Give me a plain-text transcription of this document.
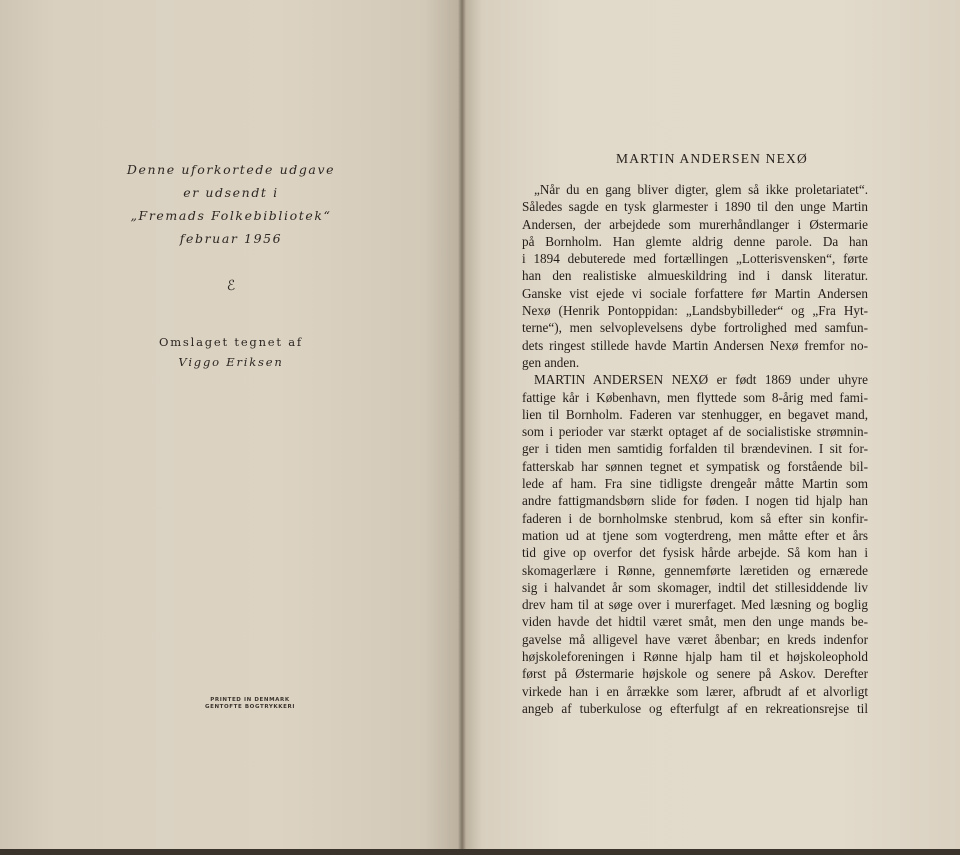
Denne uforkortede udgave
er udsendt i
„Fremads Folkebibliotek“
februar 1956
ℰ
Omslaget tegnet af
Viggo Eriksen
PRINTED IN DENMARK
GENTOFTE BOGTRYKKERI
MARTIN ANDERSEN NEXØ
„Når du en gang bliver digter, glem så ikke proletariatet“.
Således sagde en tysk glarmester i 1890 til den unge Martin
Andersen, der arbejdede som murerhåndlanger i Østermarie
på Bornholm. Han glemte aldrig denne parole. Da han
i 1894 debuterede med fortællingen „Lotterisvensken“, førte
han den realistiske almueskildring ind i dansk literatur.
Ganske vist ejede vi sociale forfattere før Martin Andersen
Nexø (Henrik Pontoppidan: „Landsbybilleder“ og „Fra Hyt-
terne“), men selvoplevelsens dybe fortrolighed med samfun-
dets ringest stillede havde Martin Andersen Nexø fremfor no-
gen anden.
MARTIN ANDERSEN NEXØ er født 1869 under uhyre
fattige kår i København, men flyttede som 8-årig med fami-
lien til Bornholm. Faderen var stenhugger, en begavet mand,
som i perioder var stærkt optaget af de socialistiske strømnin-
ger i tiden men samtidig forfalden til brændevinen. I sit for-
fatterskab har sønnen tegnet et sympatisk og forstående bil-
lede af ham. Fra sine tidligste drengeår måtte Martin som
andre fattigmandsbørn slide for føden. I nogen tid hjalp han
faderen i de bornholmske stenbrud, kom så efter sin konfir-
mation ud at tjene som vogterdreng, men måtte efter et års
tid give op overfor det fysisk hårde arbejde. Så kom han i
skomagerlære i Rønne, gennemførte læretiden og ernærede
sig i halvandet år som skomager, indtil det stillesiddende liv
drev ham til at søge over i murerfaget. Med læsning og boglig
viden havde det hidtil været småt, men den unge mands be-
gavelse må alligevel have været åbenbar; en kreds indenfor
højskoleforeningen i Rønne hjalp ham til et højskoleophold
først på Østermarie højskole og senere på Askov. Derefter
virkede han i en årrække som lærer, afbrudt af et alvorligt
angeb af tuberkulose og efterfulgt af en rekreationsrejse til
